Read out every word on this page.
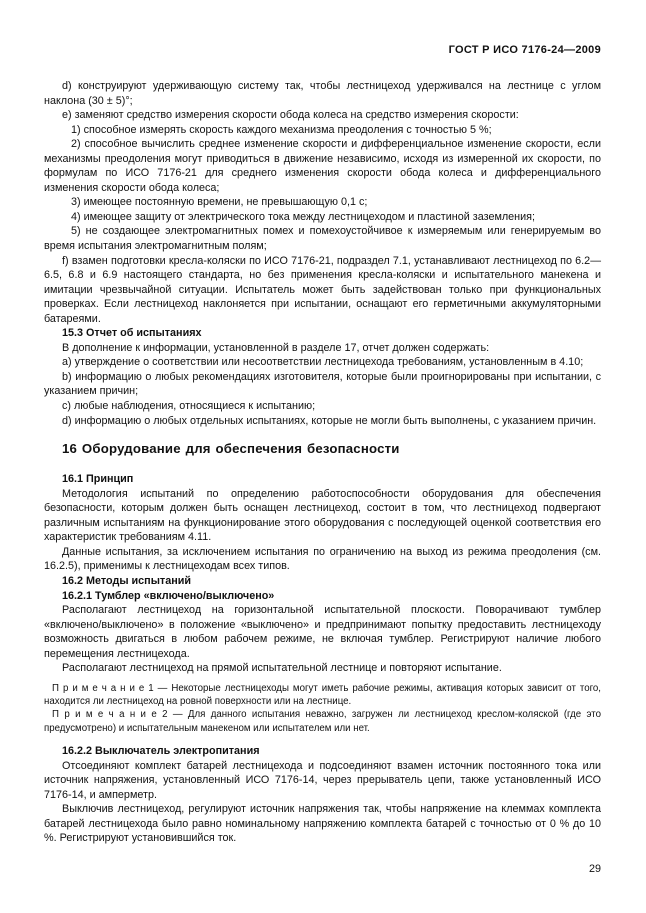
ГОСТ Р ИСО 7176-24—2009
d) конструируют удерживающую систему так, чтобы лестницеход удерживался на лестнице с углом наклона (30 ± 5)°;
е) заменяют средство измерения скорости обода колеса на средство измерения скорости:
1) способное измерять скорость каждого механизма преодоления с точностью 5 %;
2) способное вычислить среднее изменение скорости и дифференциальное изменение скорости, если механизмы преодоления могут приводиться в движение независимо, исходя из измеренной их скорости, по формулам по ИСО 7176-21 для среднего изменения скорости обода колеса и дифференциального изменения скорости обода колеса;
3) имеющее постоянную времени, не превышающую 0,1 с;
4) имеющее защиту от электрического тока между лестницеходом и пластиной заземления;
5) не создающее электромагнитных помех и помехоустойчивое к измеряемым или генерируемым во время испытания электромагнитным полям;
f) взамен подготовки кресла-коляски по ИСО 7176-21, подраздел 7.1, устанавливают лестницеход по 6.2—6.5, 6.8 и 6.9 настоящего стандарта, но без применения кресла-коляски и испытательного манекена и имитации чрезвычайной ситуации. Испытатель может быть задействован только при функциональных проверках. Если лестницеход наклоняется при испытании, оснащают его герметичными аккумуляторными батареями.
15.3 Отчет об испытаниях
В дополнение к информации, установленной в разделе 17, отчет должен содержать:
a) утверждение о соответствии или несоответствии лестницехода требованиям, установленным в 4.10;
b) информацию о любых рекомендациях изготовителя, которые были проигнорированы при испытании, с указанием причин;
c) любые наблюдения, относящиеся к испытанию;
d) информацию о любых отдельных испытаниях, которые не могли быть выполнены, с указанием причин.
16 Оборудование для обеспечения безопасности
16.1 Принцип
Методология испытаний по определению работоспособности оборудования для обеспечения безопасности, которым должен быть оснащен лестницеход, состоит в том, что лестницеход подвергают различным испытаниям на функционирование этого оборудования с последующей оценкой соответствия его характеристик требованиям 4.11.
Данные испытания, за исключением испытания по ограничению на выход из режима преодоления (см. 16.2.5), применимы к лестницеходам всех типов.
16.2 Методы испытаний
16.2.1 Тумблер «включено/выключено»
Располагают лестницеход на горизонтальной испытательной плоскости. Поворачивают тумблер «включено/выключено» в положение «выключено» и предпринимают попытку предоставить лестницеходу возможность двигаться в любом рабочем режиме, не включая тумблер. Регистрируют наличие любого перемещения лестницехода.
Располагают лестницеход на прямой испытательной лестнице и повторяют испытание.
П р и м е ч а н и е 1 — Некоторые лестницеходы могут иметь рабочие режимы, активация которых зависит от того, находится ли лестницеход на ровной поверхности или на лестнице.
П р и м е ч а н и е 2 — Для данного испытания неважно, загружен ли лестницеход креслом-коляской (где это предусмотрено) и испытательным манекеном или испытателем или нет.
16.2.2 Выключатель электропитания
Отсоединяют комплект батарей лестницехода и подсоединяют взамен источник постоянного тока или источник напряжения, установленный ИСО 7176-14, через прерыватель цепи, также установленный ИСО 7176-14, и амперметр.
Выключив лестницеход, регулируют источник напряжения так, чтобы напряжение на клеммах комплекта батарей лестницехода было равно номинальному напряжению комплекта батарей с точностью от 0 % до 10 %. Регистрируют установившийся ток.
29
